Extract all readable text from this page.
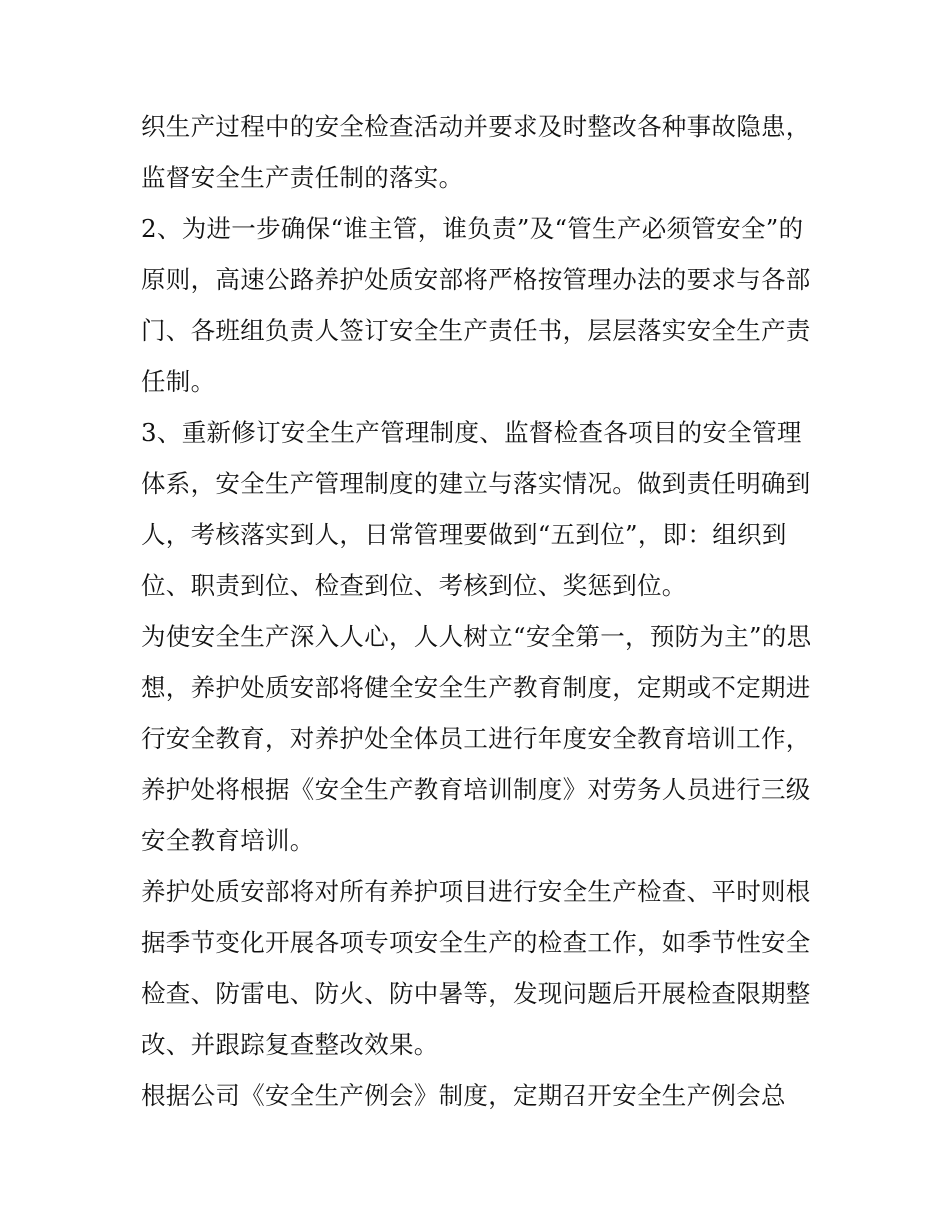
织生产过程中的安全检查活动并要求及时整改各种事故隐患，
监督安全生产责任制的落实。
2、为进一步确保“谁主管，谁负责”及“管生产必须管安全”的
原则，高速公路养护处质安部将严格按管理办法的要求与各部
门、各班组负责人签订安全生产责任书，层层落实安全生产责
任制。
3、重新修订安全生产管理制度、监督检查各项目的安全管理
体系，安全生产管理制度的建立与落实情况。做到责任明确到
人，考核落实到人，日常管理要做到“五到位”，即：组织到
位、职责到位、检查到位、考核到位、奖惩到位。
为使安全生产深入人心，人人树立“安全第一，预防为主”的思
想，养护处质安部将健全安全生产教育制度，定期或不定期进
行安全教育，对养护处全体员工进行年度安全教育培训工作，
养护处将根据《安全生产教育培训制度》对劳务人员进行三级
安全教育培训。
养护处质安部将对所有养护项目进行安全生产检查、平时则根
据季节变化开展各项专项安全生产的检查工作，如季节性安全
检查、防雷电、防火、防中暑等，发现问题后开展检查限期整
改、并跟踪复查整改效果。
根据公司《安全生产例会》制度，定期召开安全生产例会总
